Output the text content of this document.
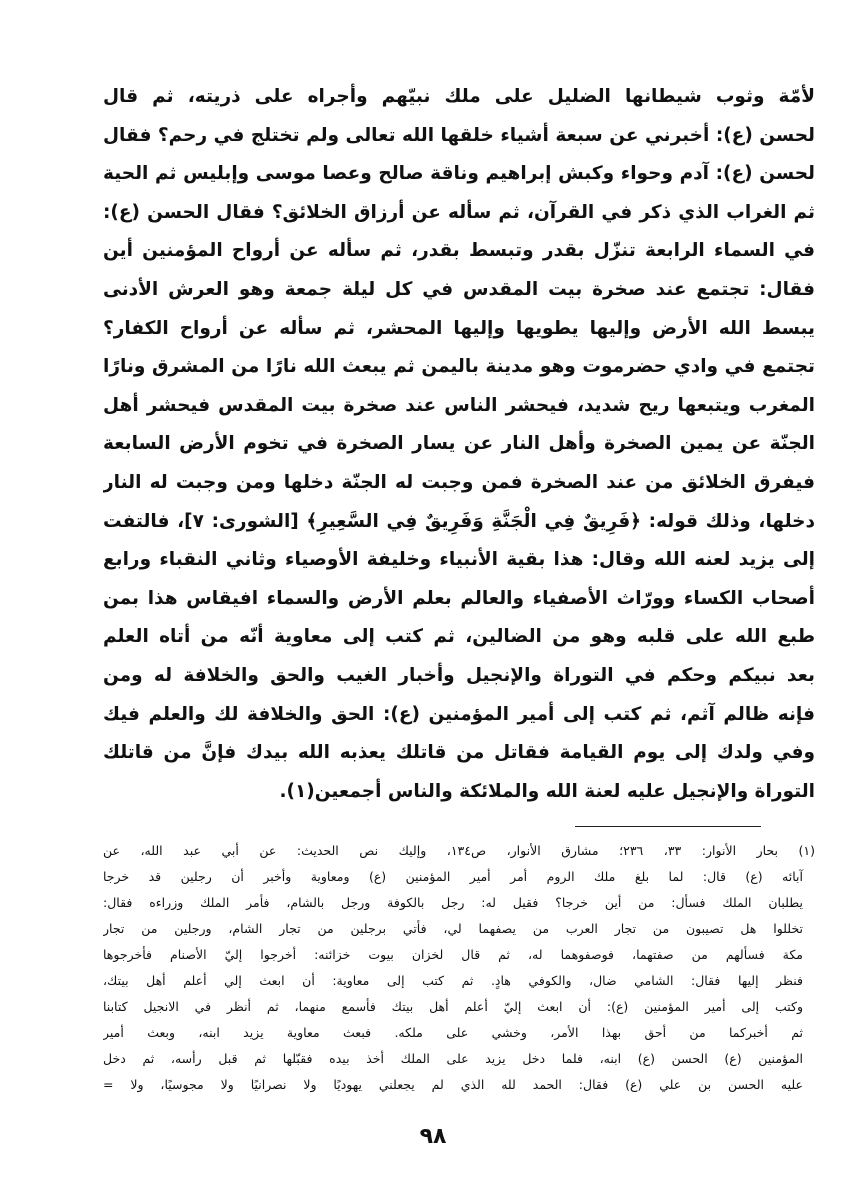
لأمّة وثوب شيطانها الضليل على ملك نبيّهم وأجراه على ذريته، ثم قال
لحسن (ع): أخبرني عن سبعة أشياء خلقها الله تعالى ولم تختلج في رحم؟ فقال
لحسن (ع): آدم وحواء وكبش إبراهيم وناقة صالح وعصا موسى وإبليس ثم الحية
ثم الغراب الذي ذكر في القرآن، ثم سأله عن أرزاق الخلائق؟ فقال الحسن (ع):
في السماء الرابعة تنزّل بقدر وتبسط بقدر، ثم سأله عن أرواح المؤمنين أين
فقال: تجتمع عند صخرة بيت المقدس في كل ليلة جمعة وهو العرش الأدنى
يبسط الله الأرض وإليها يطويها وإليها المحشر، ثم سأله عن أرواح الكفار؟
تجتمع في وادي حضرموت وهو مدينة باليمن ثم يبعث الله نارًا من المشرق ونارًا
المغرب ويتبعها ريح شديد، فيحشر الناس عند صخرة بيت المقدس فيحشر أهل
الجنّة عن يمين الصخرة وأهل النار عن يسار الصخرة في تخوم الأرض السابعة
فيفرق الخلائق من عند الصخرة فمن وجبت له الجنّة دخلها ومن وجبت له النار
دخلها، وذلك قوله: ﴿فَرِيقٌ فِي الْجَنَّةِ وَفَرِيقٌ فِي السَّعِيرِ﴾ [الشورى: ٧]، فالتفت
إلى يزيد لعنه الله وقال: هذا بقية الأنبياء وخليفة الأوصياء وثاني النقباء ورابع
أصحاب الكساء وورّاث الأصفياء والعالم بعلم الأرض والسماء افيقاس هذا بمن
طبع الله على قلبه وهو من الضالين، ثم كتب إلى معاوية أنّه من أتاه العلم
بعد نبيكم وحكم في التوراة والإنجيل وأخبار الغيب والحق والخلافة له ومن
فإنه ظالم آثم، ثم كتب إلى أمير المؤمنين (ع): الحق والخلافة لك والعلم فيك
وفي ولدك إلى يوم القيامة فقاتل من قاتلك يعذبه الله بيدك فإنَّ من قاتلك
التوراة والإنجيل عليه لعنة الله والملائكة والناس أجمعين(١).
(١) بحار الأنوار: ٣٣، ٢٣٦؛ مشارق الأنوار، ص١٣٤، وإليك نص الحديث: عن أبي عبد الله، عن
آبائه (ع) قال: لما بلغ ملك الروم أمر أمير المؤمنين (ع) ومعاوية وأخبر أن رجلين قد خرجا
يطلبان الملك فسأل: من أين خرجا؟ فقيل له: رجل بالكوفة ورجل بالشام، فأمر الملك وزراءه فقال:
تخللوا هل تصيبون من تجار العرب من يصفهما لي، فأتي برجلين من تجار الشام، ورجلين من تجار
مكة فسألهم من صفتهما، فوصفوهما له، ثم قال لخزان بيوت خزائنه: أخرجوا إليّ الأصنام فأخرجوها
فنظر إليها فقال: الشامي ضال، والكوفي هادٍ. ثم كتب إلى معاوية: أن ابعث إلي أعلم أهل بيتك،
وكتب إلى أمير المؤمنين (ع): أن ابعث إليّ أعلم أهل بيتك فأسمع منهما، ثم أنظر في الانجيل كتابنا
ثم أخبركما من أحق بهذا الأمر، وخشي على ملكه. فبعث معاوية يزيد ابنه، وبعث أمير
المؤمنين (ع) الحسن (ع) ابنه، فلما دخل يزيد على الملك أخذ بيده فقبّلها ثم قبل رأسه، ثم دخل
عليه الحسن بن علي (ع) فقال: الحمد لله الذي لم يجعلني يهوديًا ولا نصرانيًا ولا مجوسيًا، ولا =
٩٨
